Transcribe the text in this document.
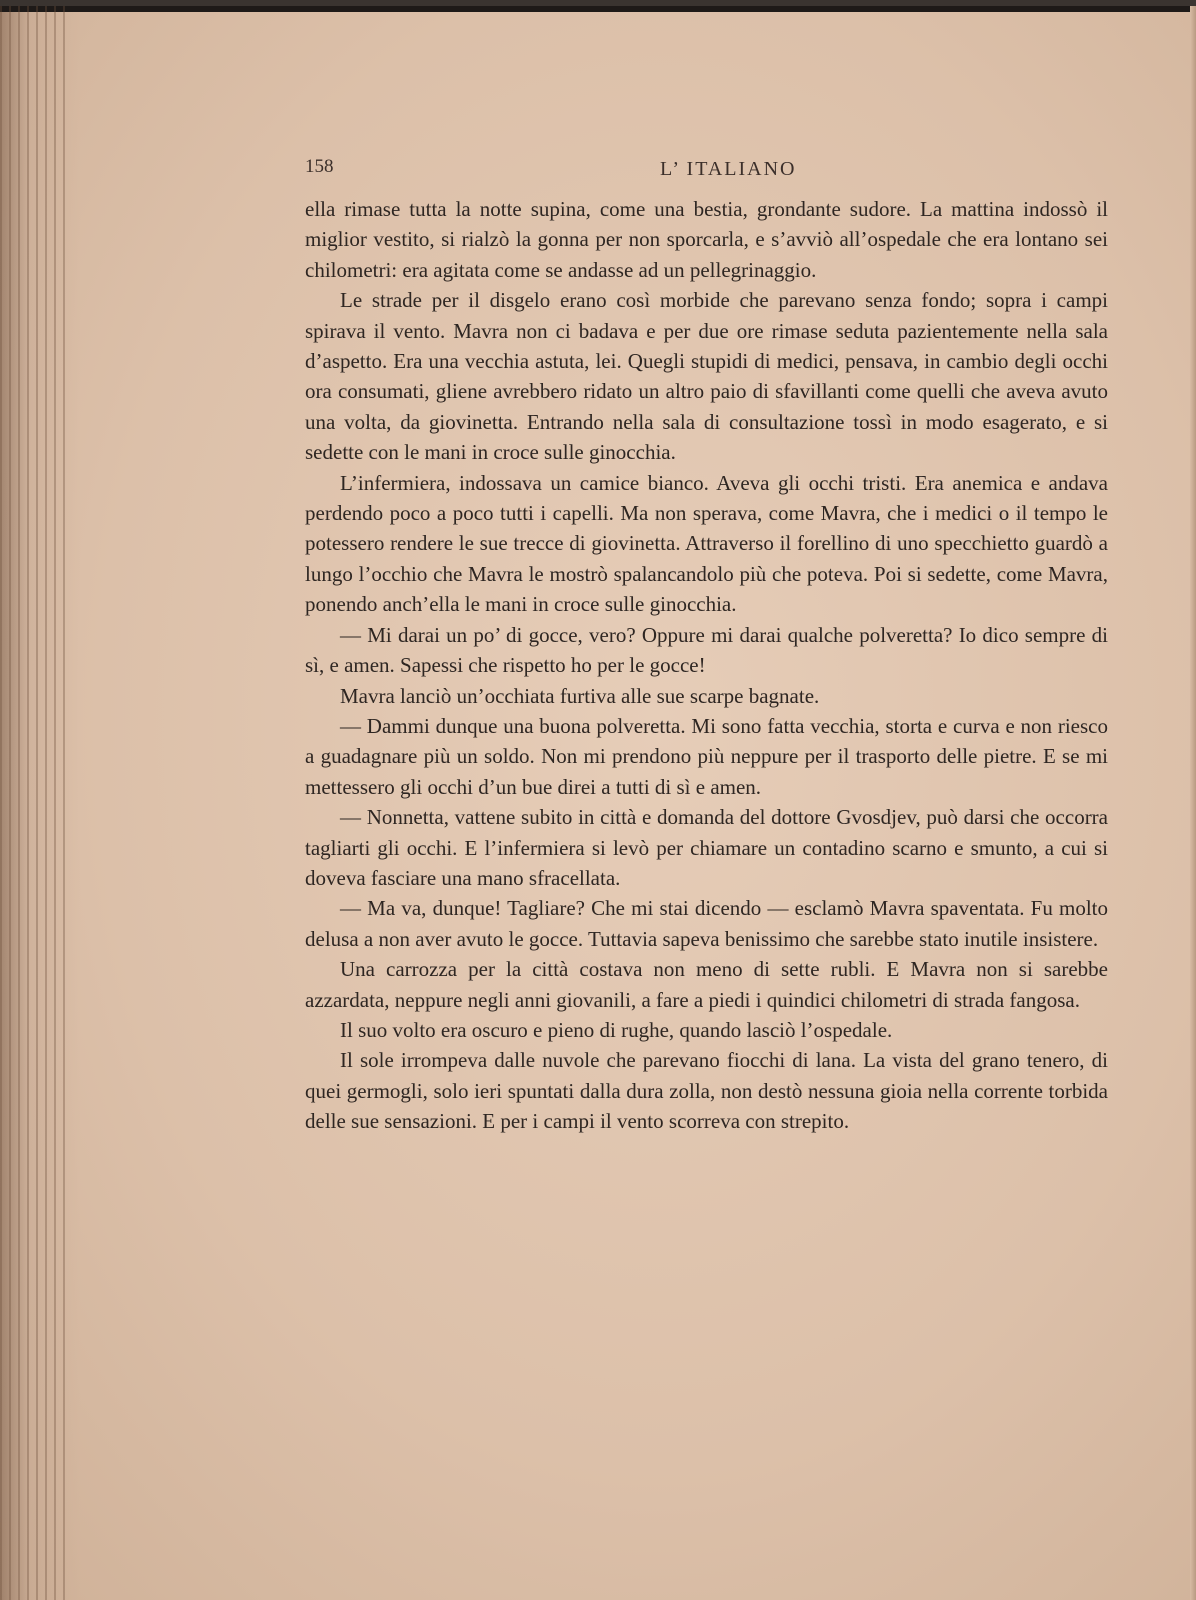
158	L’ ITALIANO

ella rimase tutta la notte supina, come una bestia, grondante sudore. La mattina indossò il miglior vestito, si rialzò la gonna per non sporcarla, e s’avviò all’ospedale che era lontano sei chilometri: era agitata come se andasse ad un pellegrinaggio.

Le strade per il disgelo erano così morbide che parevano senza fondo; sopra i campi spirava il vento. Mavra non ci badava e per due ore rimase seduta pazientemente nella sala d’aspetto. Era una vecchia astuta, lei. Quegli stupidi di medici, pensava, in cambio degli occhi ora consumati, gliene avrebbero ridato un altro paio di sfavillanti come quelli che aveva avuto una volta, da giovinetta. Entrando nella sala di consultazione tossì in modo esagerato, e si sedette con le mani in croce sulle ginocchia.

L’infermiera, indossava un camice bianco. Aveva gli occhi tristi. Era anemica e andava perdendo poco a poco tutti i capelli. Ma non sperava, come Mavra, che i medici o il tempo le potessero rendere le sue trecce di giovinetta. Attraverso il forellino di uno specchietto guardò a lungo l’occhio che Mavra le mostrò spalancandolo più che poteva. Poi si sedette, come Mavra, ponendo anch’ella le mani in croce sulle ginocchia.

— Mi darai un po’ di gocce, vero? Oppure mi darai qualche polveretta? Io dico sempre di sì, e amen. Sapessi che rispetto ho per le gocce!

Mavra lanciò un’occhiata furtiva alle sue scarpe bagnate.

— Dammi dunque una buona polveretta. Mi sono fatta vecchia, storta e curva e non riesco a guadagnare più un soldo. Non mi prendono più neppure per il trasporto delle pietre. E se mi mettessero gli occhi d’un bue direi a tutti di sì e amen.

— Nonnetta, vattene subito in città e domanda del dottore Gvosdjev, può darsi che occorra tagliarti gli occhi. E l’infermiera si levò per chiamare un contadino scarno e smunto, a cui si doveva fasciare una mano sfracellata.

— Ma va, dunque! Tagliare? Che mi stai dicendo — esclamò Mavra spaventata. Fu molto delusa a non aver avuto le gocce. Tuttavia sapeva benissimo che sarebbe stato inutile insistere.

Una carrozza per la città costava non meno di sette rubli. E Mavra non si sarebbe azzardata, neppure negli anni giovanili, a fare a piedi i quindici chilometri di strada fangosa.

Il suo volto era oscuro e pieno di rughe, quando lasciò l’ospedale.

Il sole irrompeva dalle nuvole che parevano fiocchi di lana. La vista del grano tenero, di quei germogli, solo ieri spuntati dalla dura zolla, non destò nessuna gioia nella corrente torbida delle sue sensazioni. E per i campi il vento scorreva con strepito.
